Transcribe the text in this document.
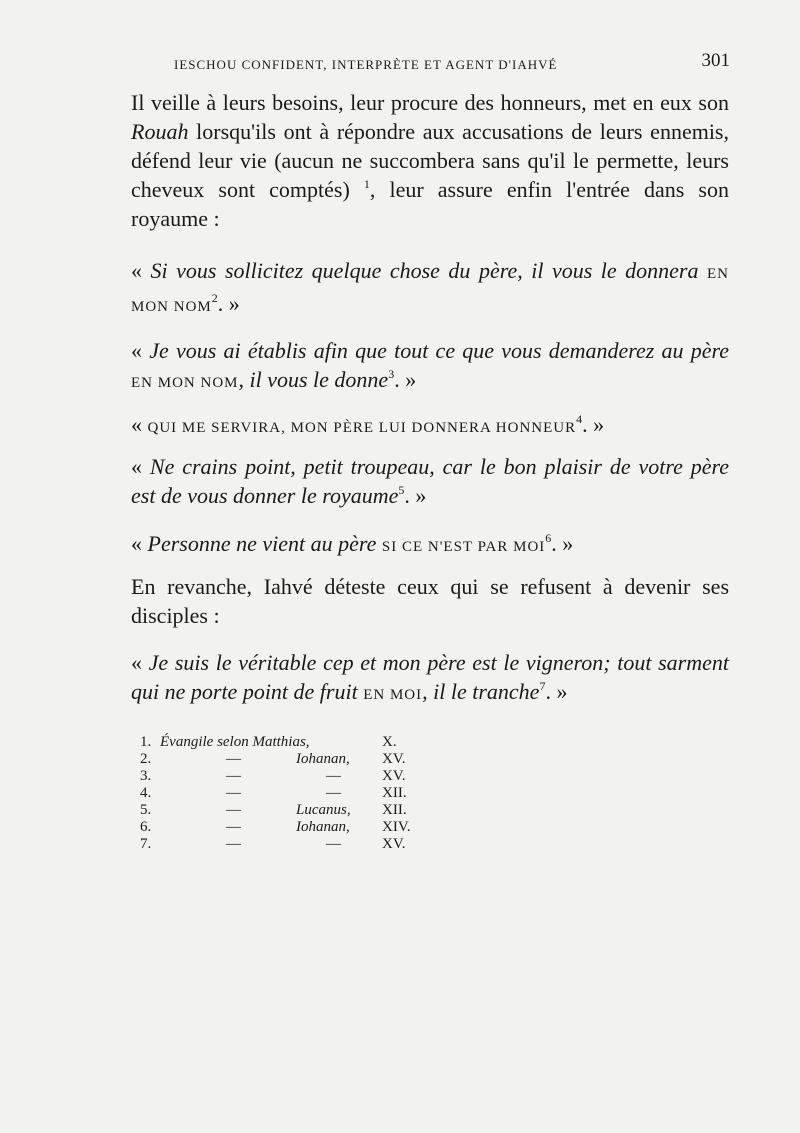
IESCHOU CONFIDENT, INTERPRÈTE ET AGENT D'IAHVÉ	301

Il veille à leurs besoins, leur procure des honneurs, met en eux son Rouah lorsqu'ils ont à répondre aux accusations de leurs ennemis, défend leur vie (aucun ne succombera sans qu'il le permette, leurs cheveux sont comptés) $^1$, leur assure enfin l'entrée dans son royaume :

« Si vous sollicitez quelque chose du père, il vous le donnera EN MON NOM$^2$. »
« Je vous ai établis afin que tout ce que vous demanderez au père EN MON NOM, il vous le donne$^3$. »
« QUI ME SERVIRA, MON PÈRE LUI DONNERA HONNEUR$^4$. »
« Ne crains point, petit troupeau, car le bon plaisir de votre père est de vous donner le royaume$^5$. »
« Personne ne vient au père SI CE N'EST PAR MOI$^6$. »

En revanche, Iahvé déteste ceux qui se refusent à devenir ses disciples :

« Je suis le véritable cep et mon père est le vigneron; tout sarment qui ne porte point de fruit EN MOI, il le tranche$^7$. »
1. Évangile selon Matthias,	X.
2.	—	Iohanan, XV.
3.	—	—	XV.
4.	—	—	XII.
5.	—	Lucanus, XII.
6.	—	Iohanan, XIV.
7.	—	—	XV.
